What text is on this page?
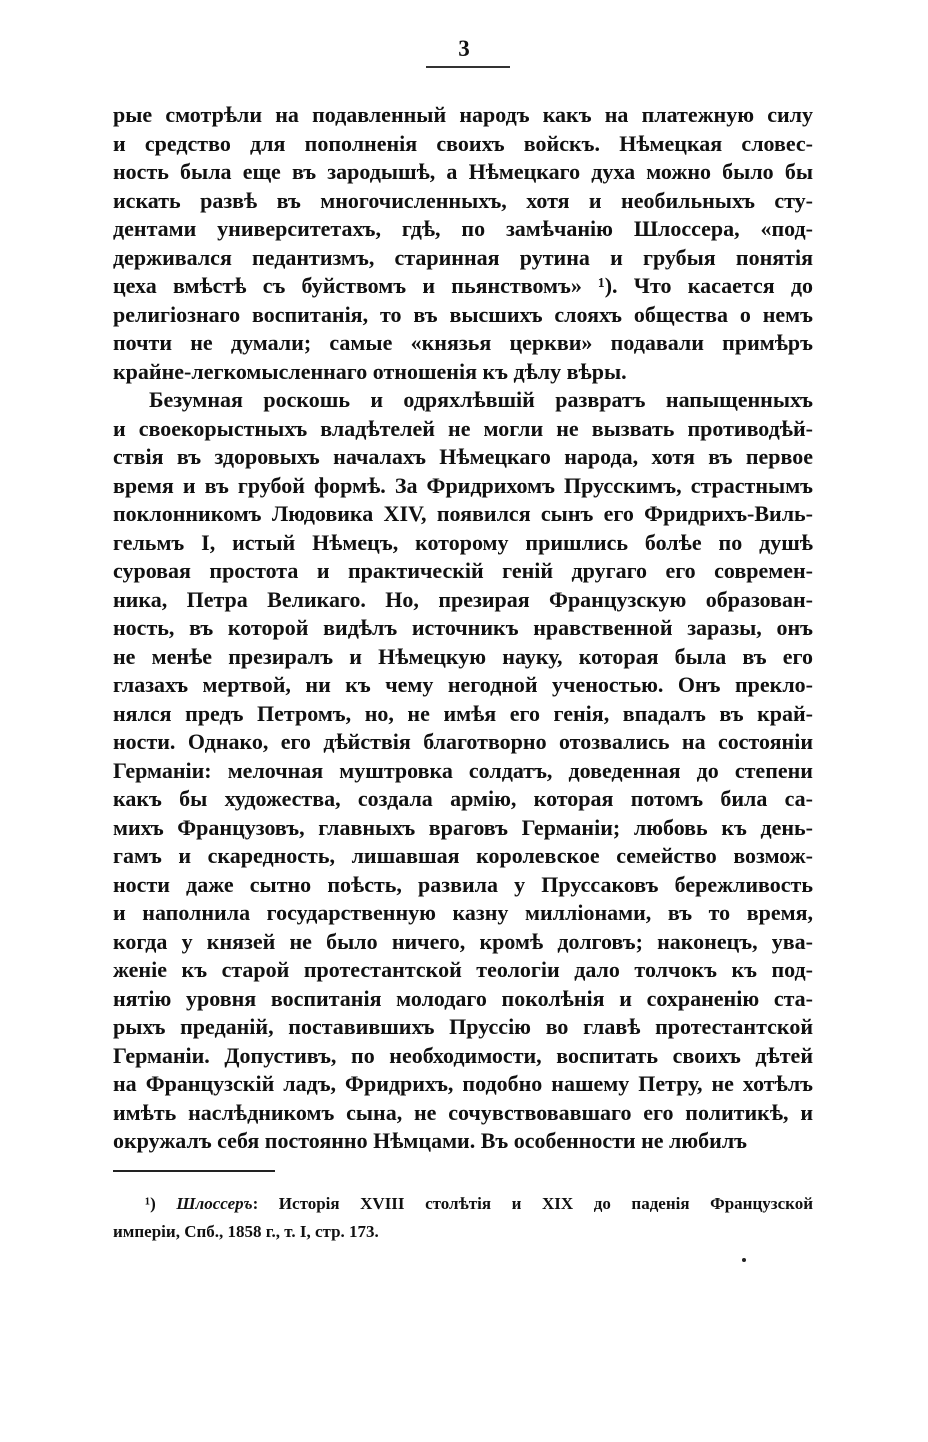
3
рые смотрѣли на подавленный народъ какъ на платежную силу
и средство для пополненія своихъ войскъ. Нѣмецкая словес-
ность была еще въ зародышѣ, а Нѣмецкаго духа можно было бы
искать развѣ въ многочисленныхъ, хотя и необильныхъ сту-
дентами университетахъ, гдѣ, по замѣчанію Шлоссера, «под-
держивался педантизмъ, старинная рутина и грубыя понятія
цеха вмѣстѣ съ буйствомъ и пьянствомъ» ¹). Что касается до
религіознаго воспитанія, то въ высшихъ слояхъ общества о немъ
почти не думали; самые «князья церкви» подавали примѣръ
крайне-легкомысленнаго отношенія къ дѣлу вѣры.
Безумная роскошь и одряхлѣвшій развратъ напыщенныхъ
и своекорыстныхъ владѣтелей не могли не вызвать противодѣй-
ствія въ здоровыхъ началахъ Нѣмецкаго народа, хотя въ первое
время и въ грубой формѣ. За Фридрихомъ Прусскимъ, страстнымъ
поклонникомъ Людовика XIV, появился сынъ его Фридрихъ-Виль-
гельмъ I, истый Нѣмецъ, которому пришлись болѣе по душѣ
суровая простота и практическій геній другаго его современ-
ника, Петра Великаго. Но, презирая Французскую образован-
ность, въ которой видѣлъ источникъ нравственной заразы, онъ
не менѣе презиралъ и Нѣмецкую науку, которая была въ его
глазахъ мертвой, ни къ чему негодной ученостью. Онъ прекло-
нялся предъ Петромъ, но, не имѣя его генія, впадалъ въ край-
ности. Однако, его дѣйствія благотворно отозвались на состояніи
Германіи: мелочная муштровка солдатъ, доведенная до степени
какъ бы художества, создала армію, которая потомъ била са-
михъ Французовъ, главныхъ враговъ Германіи; любовь къ день-
гамъ и скаредность, лишавшая королевское семейство возмож-
ности даже сытно поѣсть, развила у Пруссаковъ бережливость
и наполнила государственную казну милліонами, въ то время,
когда у князей не было ничего, кромѣ долговъ; наконецъ, ува-
женіе къ старой протестантской теологіи дало толчокъ къ под-
нятію уровня воспитанія молодаго поколѣнія и сохраненію ста-
рыхъ преданій, поставившихъ Пруссію во главѣ протестантской
Германіи. Допустивъ, по необходимости, воспитать своихъ дѣтей
на Французскій ладъ, Фридрихъ, подобно нашему Петру, не хотѣлъ
имѣть наслѣдникомъ сына, не сочувствовавшаго его политикѣ, и
окружалъ себя постоянно Нѣмцами. Въ особенности не любилъ
¹) Шлоссеръ: Исторія XVIII столѣтія и XIX до паденія Французской
имперіи, Спб., 1858 г., т. I, стр. 173.
